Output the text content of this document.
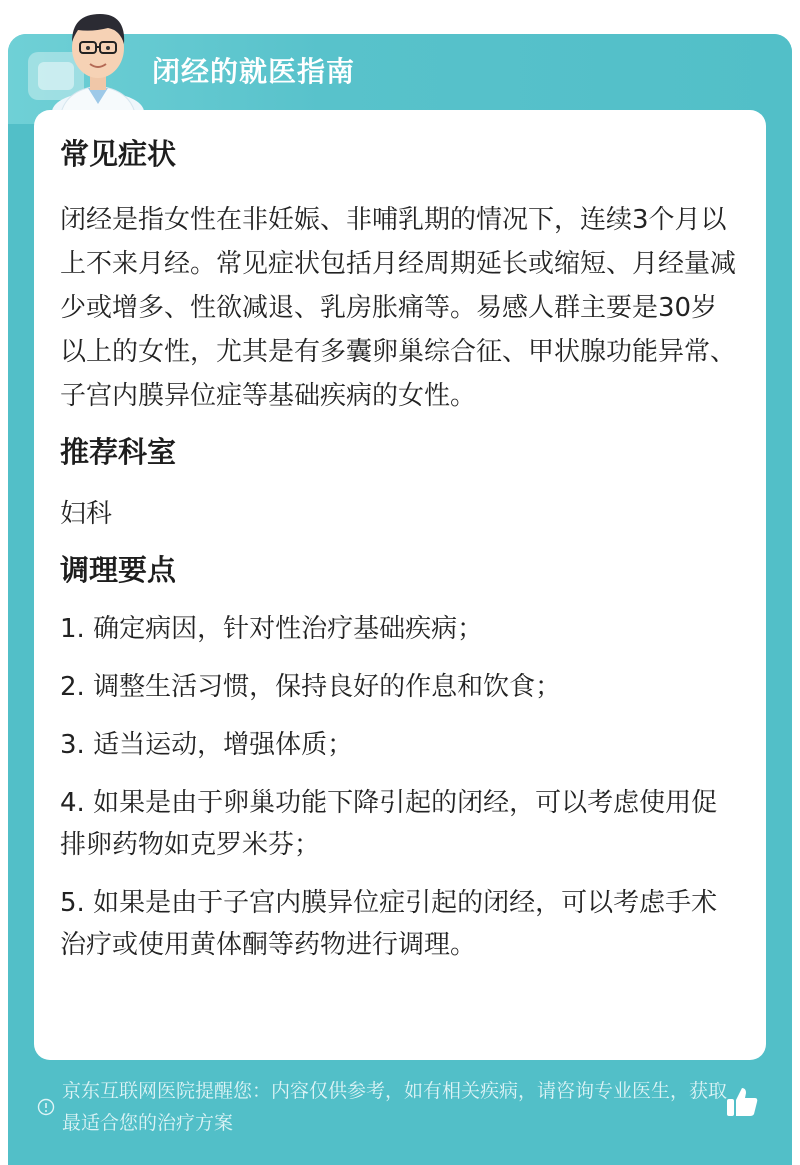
闭经的就医指南

常见症状

闭经是指女性在非妊娠、非哺乳期的情况下，连续3个月以上不来月经。常见症状包括月经周期延长或缩短、月经量减少或增多、性欲减退、乳房胀痛等。易感人群主要是30岁以上的女性，尤其是有多囊卵巢综合征、甲状腺功能异常、子宫内膜异位症等基础疾病的女性。

推荐科室

妇科

调理要点

1. 确定病因，针对性治疗基础疾病；

2. 调整生活习惯，保持良好的作息和饮食；

3. 适当运动，增强体质；

4. 如果是由于卵巢功能下降引起的闭经，可以考虑使用促排卵药物如克罗米芬；

5. 如果是由于子宫内膜异位症引起的闭经，可以考虑手术治疗或使用黄体酮等药物进行调理。

京东互联网医院提醒您：内容仅供参考，如有相关疾病，请咨询专业医生，获取最适合您的治疗方案
